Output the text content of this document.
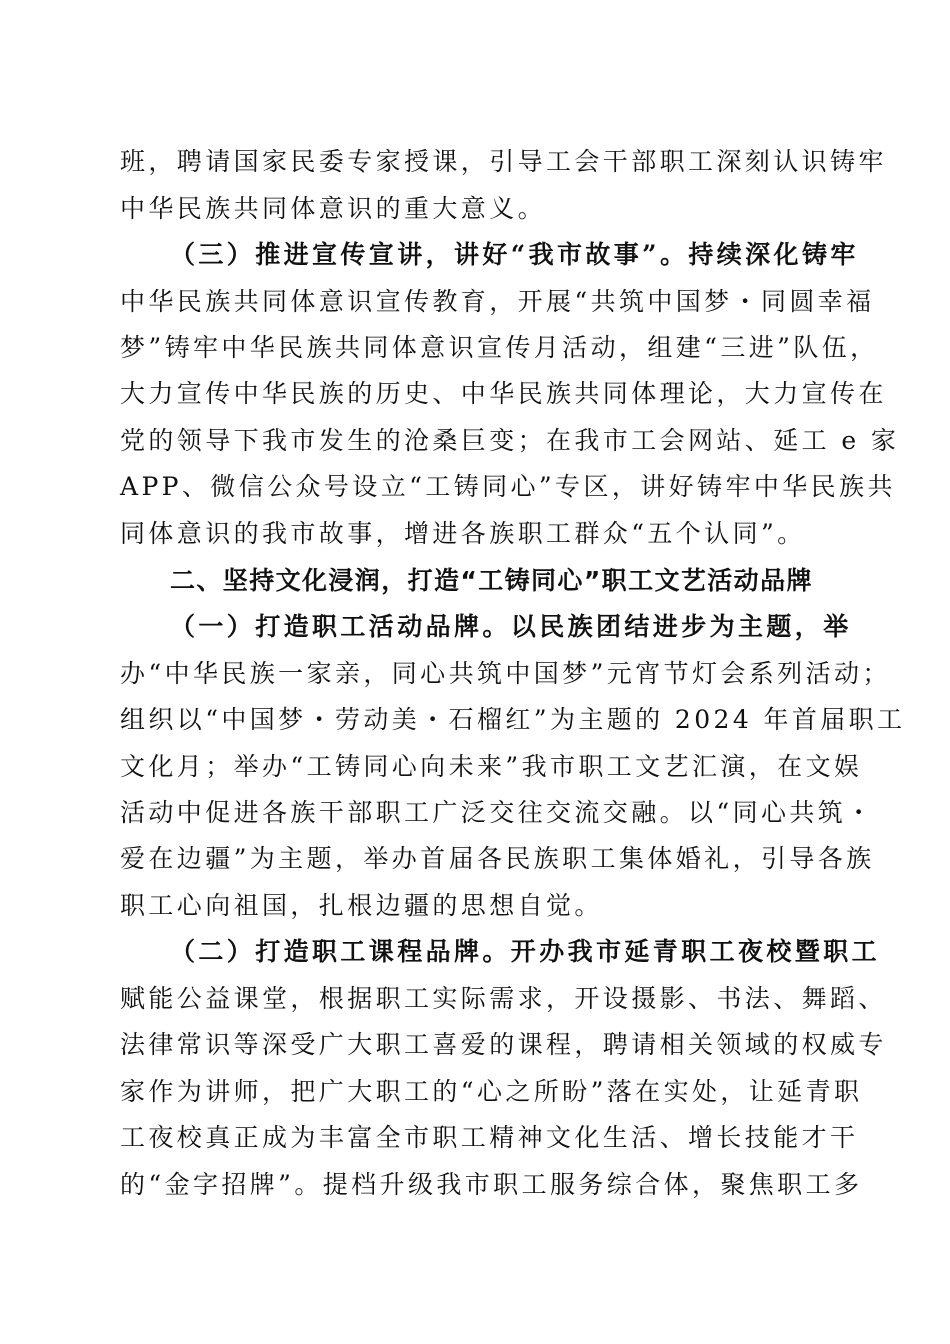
班，聘请国家民委专家授课，引导工会干部职工深刻认识铸牢
中华民族共同体意识的重大意义。
（三）推进宣传宣讲，讲好“我市故事”。持续深化铸牢
中华民族共同体意识宣传教育，开展“共筑中国梦・同圆幸福
梦”铸牢中华民族共同体意识宣传月活动，组建“三进”队伍，
大力宣传中华民族的历史、中华民族共同体理论，大力宣传在
党的领导下我市发生的沧桑巨变；在我市工会网站、延工 e 家
APP、微信公众号设立“工铸同心”专区，讲好铸牢中华民族共
同体意识的我市故事，增进各族职工群众“五个认同”。
二、坚持文化浸润，打造“工铸同心”职工文艺活动品牌
（一）打造职工活动品牌。以民族团结进步为主题，举
办“中华民族一家亲，同心共筑中国梦”元宵节灯会系列活动；
组织以“中国梦・劳动美・石榴红”为主题的 2024 年首届职工
文化月；举办“工铸同心向未来”我市职工文艺汇演，在文娱
活动中促进各族干部职工广泛交往交流交融。以“同心共筑・
爱在边疆”为主题，举办首届各民族职工集体婚礼，引导各族
职工心向祖国，扎根边疆的思想自觉。
（二）打造职工课程品牌。开办我市延青职工夜校暨职工
赋能公益课堂，根据职工实际需求，开设摄影、书法、舞蹈、
法律常识等深受广大职工喜爱的课程，聘请相关领域的权威专
家作为讲师，把广大职工的“心之所盼”落在实处，让延青职
工夜校真正成为丰富全市职工精神文化生活、增长技能才干
的“金字招牌”。提档升级我市职工服务综合体，聚焦职工多
